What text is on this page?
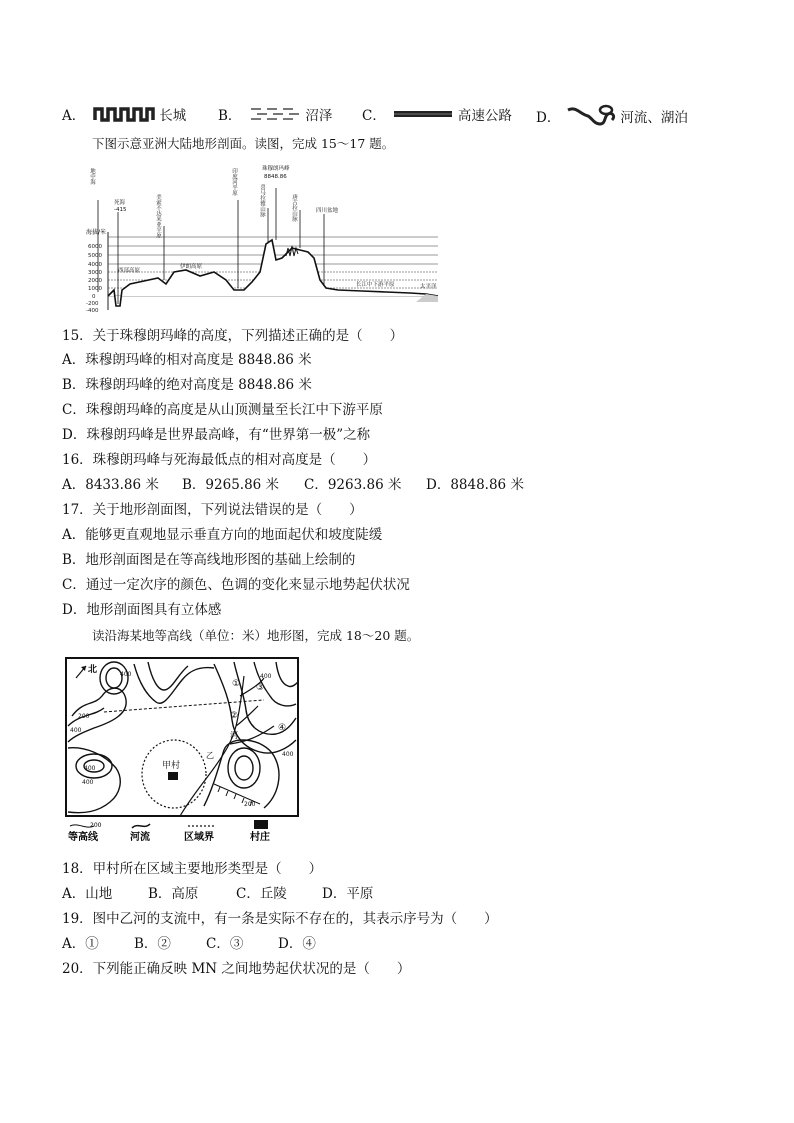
A．	长城 B．	沼泽 C．	高速公路 D．	河流、湖泊
下图示意亚洲大陆地形剖面。读图，完成 15～17 题。
海拔/米
6000
5000
4000
3000
2000
1000
0
-200
-400
地中海
死海
-415	美索不达米亚平原
西部高原
伊朗高原
印度河平原	珠穆朗玛峰
8848.86
喜马拉雅山脉	唐古拉山脉	四川盆地
长江中下游平原	太平洋
15．关于珠穆朗玛峰的高度，下列描述正确的是（　　）
A．珠穆朗玛峰的相对高度是 8848.86 米
B．珠穆朗玛峰的绝对高度是 8848.86 米
C．珠穆朗玛峰的高度是从山顶测量至长江中下游平原
D．珠穆朗玛峰是世界最高峰，有“世界第一极”之称
16．珠穆朗玛峰与死海最低点的相对高度是（　　）
A．8433.86 米 B．9265.86 米 C．9263.86 米 D．8848.86 米
17．关于地形剖面图，下列说法错误的是（　　）
A．能够更直观地显示垂直方向的地面起伏和坡度陡缓
B．地形剖面图是在等高线地形图的基础上绘制的
C．通过一定次序的颜色、色调的变化来显示地势起伏状况
D．地形剖面图具有立体感
读沿海某地等高线（单位：米）地形图，完成 18～20 题。
北
甲村
乙
河
400
200
400
400
400
400
400
200
① ③
②
④
200
等高线	河流	区域界	村庄
18．甲村所在区域主要地形类型是（　　）
A．山地	B．高原	C．丘陵	D．平原
19．图中乙河的支流中，有一条是实际不存在的，其表示序号为（　　）
A．①	B．②	C．③	D．④
20．下列能正确反映 MN 之间地势起伏状况的是（　　）
